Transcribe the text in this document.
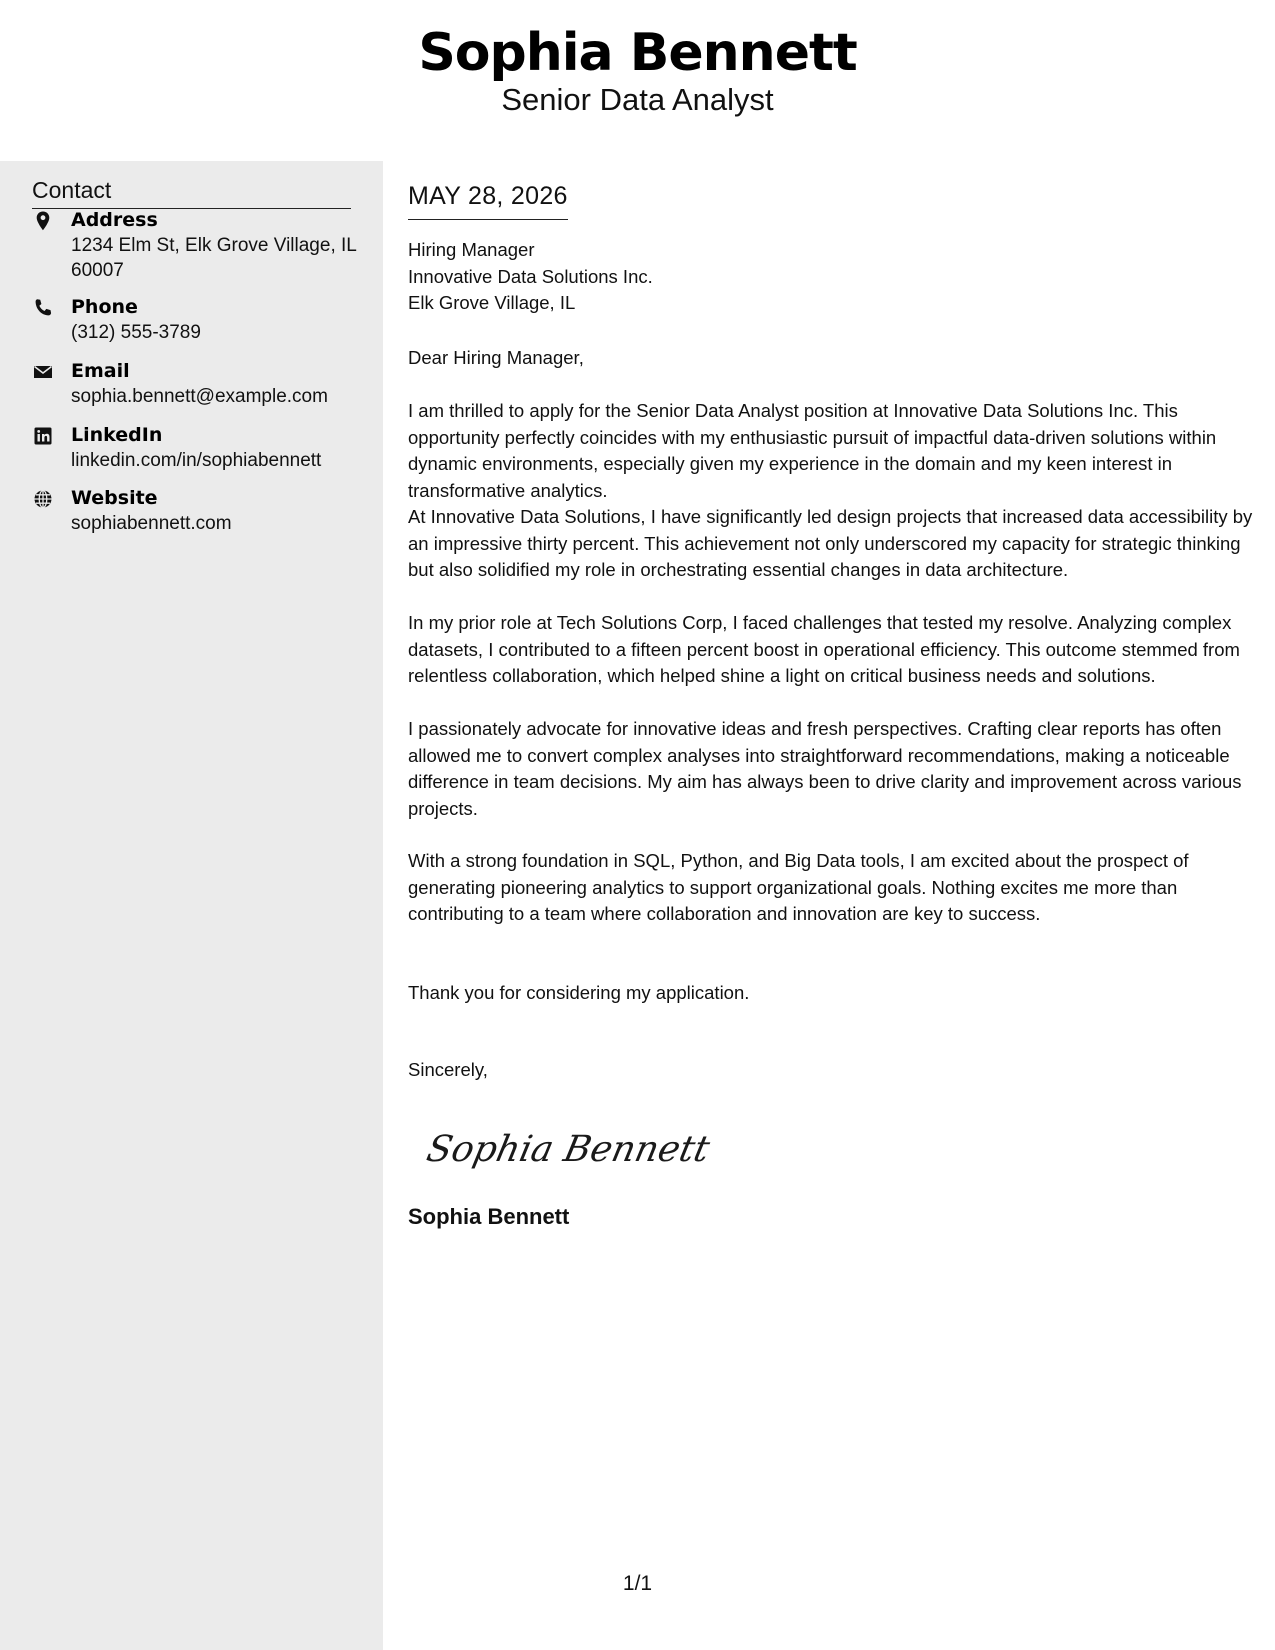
Sophia Bennett
Senior Data Analyst
Contact
Address
1234 Elm St, Elk Grove Village, IL 60007
Phone
(312) 555-3789
Email
sophia.bennett@example.com
LinkedIn
linkedin.com/in/sophiabennett
Website
sophiabennett.com
MAY 28, 2026
Hiring Manager
Innovative Data Solutions Inc.
Elk Grove Village, IL
Dear Hiring Manager,
I am thrilled to apply for the Senior Data Analyst position at Innovative Data Solutions Inc. This opportunity perfectly coincides with my enthusiastic pursuit of impactful data-driven solutions within dynamic environments, especially given my experience in the domain and my keen interest in transformative analytics.
At Innovative Data Solutions, I have significantly led design projects that increased data accessibility by an impressive thirty percent. This achievement not only underscored my capacity for strategic thinking but also solidified my role in orchestrating essential changes in data architecture.
In my prior role at Tech Solutions Corp, I faced challenges that tested my resolve. Analyzing complex datasets, I contributed to a fifteen percent boost in operational efficiency. This outcome stemmed from relentless collaboration, which helped shine a light on critical business needs and solutions.
I passionately advocate for innovative ideas and fresh perspectives. Crafting clear reports has often allowed me to convert complex analyses into straightforward recommendations, making a noticeable difference in team decisions. My aim has always been to drive clarity and improvement across various projects.
With a strong foundation in SQL, Python, and Big Data tools, I am excited about the prospect of generating pioneering analytics to support organizational goals. Nothing excites me more than contributing to a team where collaboration and innovation are key to success.
Thank you for considering my application.
Sincerely,
Sophia Bennett
Sophia Bennett
1/1
